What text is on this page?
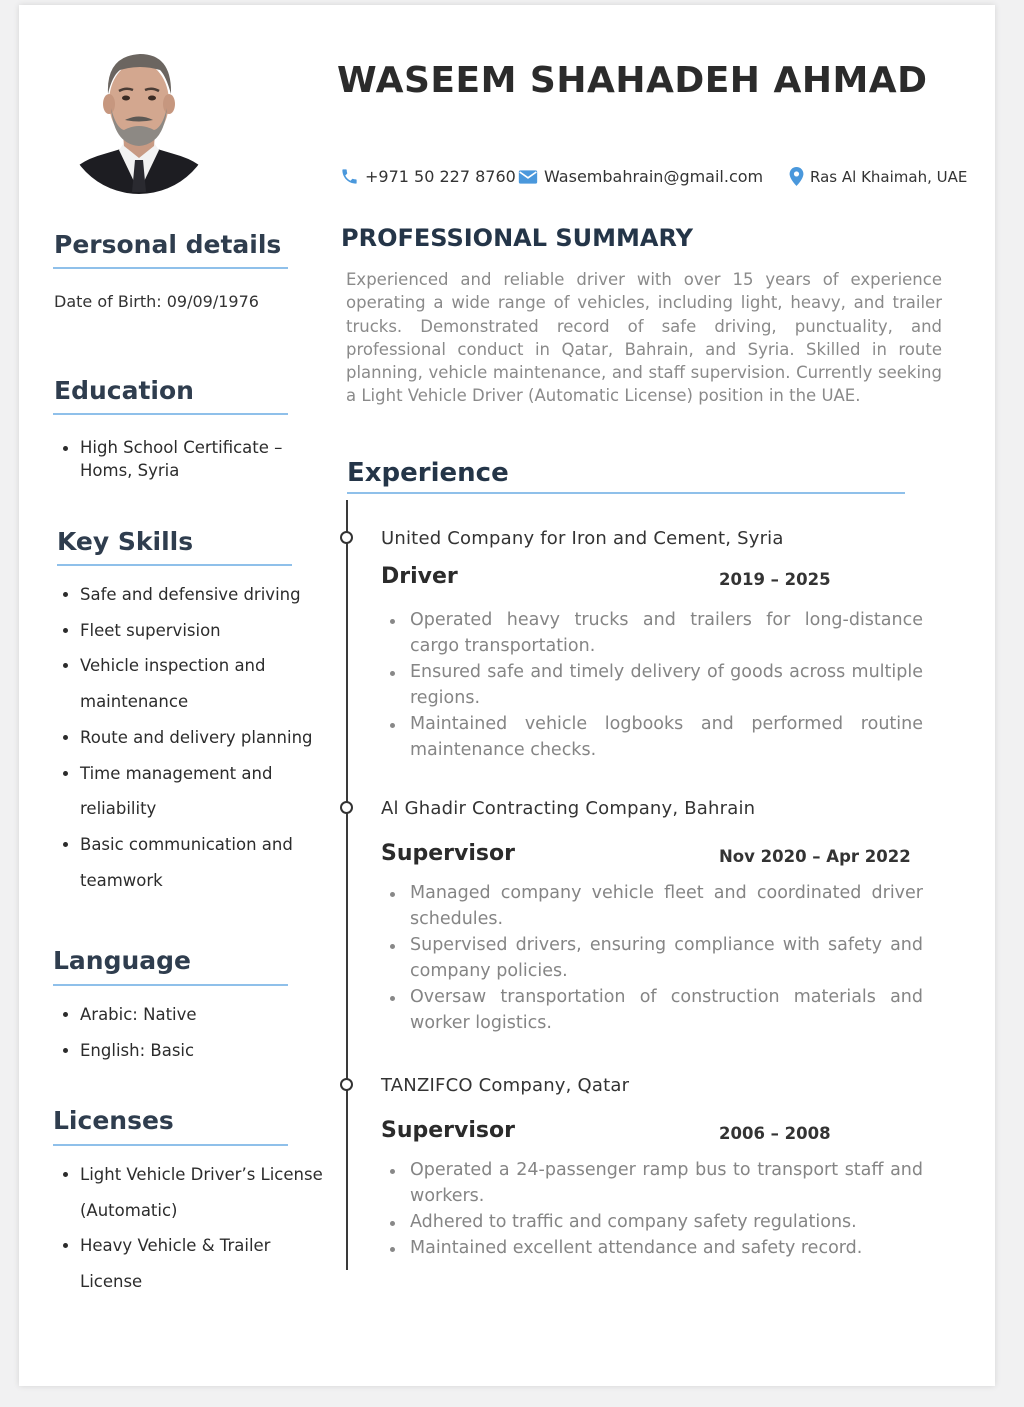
WASEEM SHAHADEH AHMAD
+971 50 227 8760 Wasembahrain@gmail.com	Ras Al Khaimah, UAE
Personal details
Date of Birth: 09/09/1976
Education
High School Certificate –
Homs, Syria
Key Skills
Safe and defensive driving
Fleet supervision
Vehicle inspection and
maintenance
Route and delivery planning
Time management and
reliability
Basic communication and
teamwork
Language
Arabic: Native
English: Basic
Licenses
Light Vehicle Driver’s License
(Automatic)
Heavy Vehicle & Trailer
License
PROFESSIONAL SUMMARY
Experienced and reliable driver with over 15 years of experience operating a wide range of vehicles, including light, heavy, and trailer trucks. Demonstrated record of safe driving, punctuality, and professional conduct in Qatar, Bahrain, and Syria. Skilled in route planning, vehicle maintenance, and staff supervision. Currently seeking a Light Vehicle Driver (Automatic License) position in the UAE.
Experience
United Company for Iron and Cement, Syria
Driver	2019 – 2025
Operated heavy trucks and trailers for long-distance cargo transportation.
Ensured safe and timely delivery of goods across multiple regions.
Maintained vehicle logbooks and performed routine maintenance checks.
Al Ghadir Contracting Company, Bahrain
Supervisor	Nov 2020 – Apr 2022
Managed company vehicle fleet and coordinated driver schedules.
Supervised drivers, ensuring compliance with safety and company policies.
Oversaw transportation of construction materials and worker logistics.
TANZIFCO Company, Qatar
Supervisor	2006 – 2008
Operated a 24-passenger ramp bus to transport staff and workers.
Adhered to traffic and company safety regulations.
Maintained excellent attendance and safety record.
